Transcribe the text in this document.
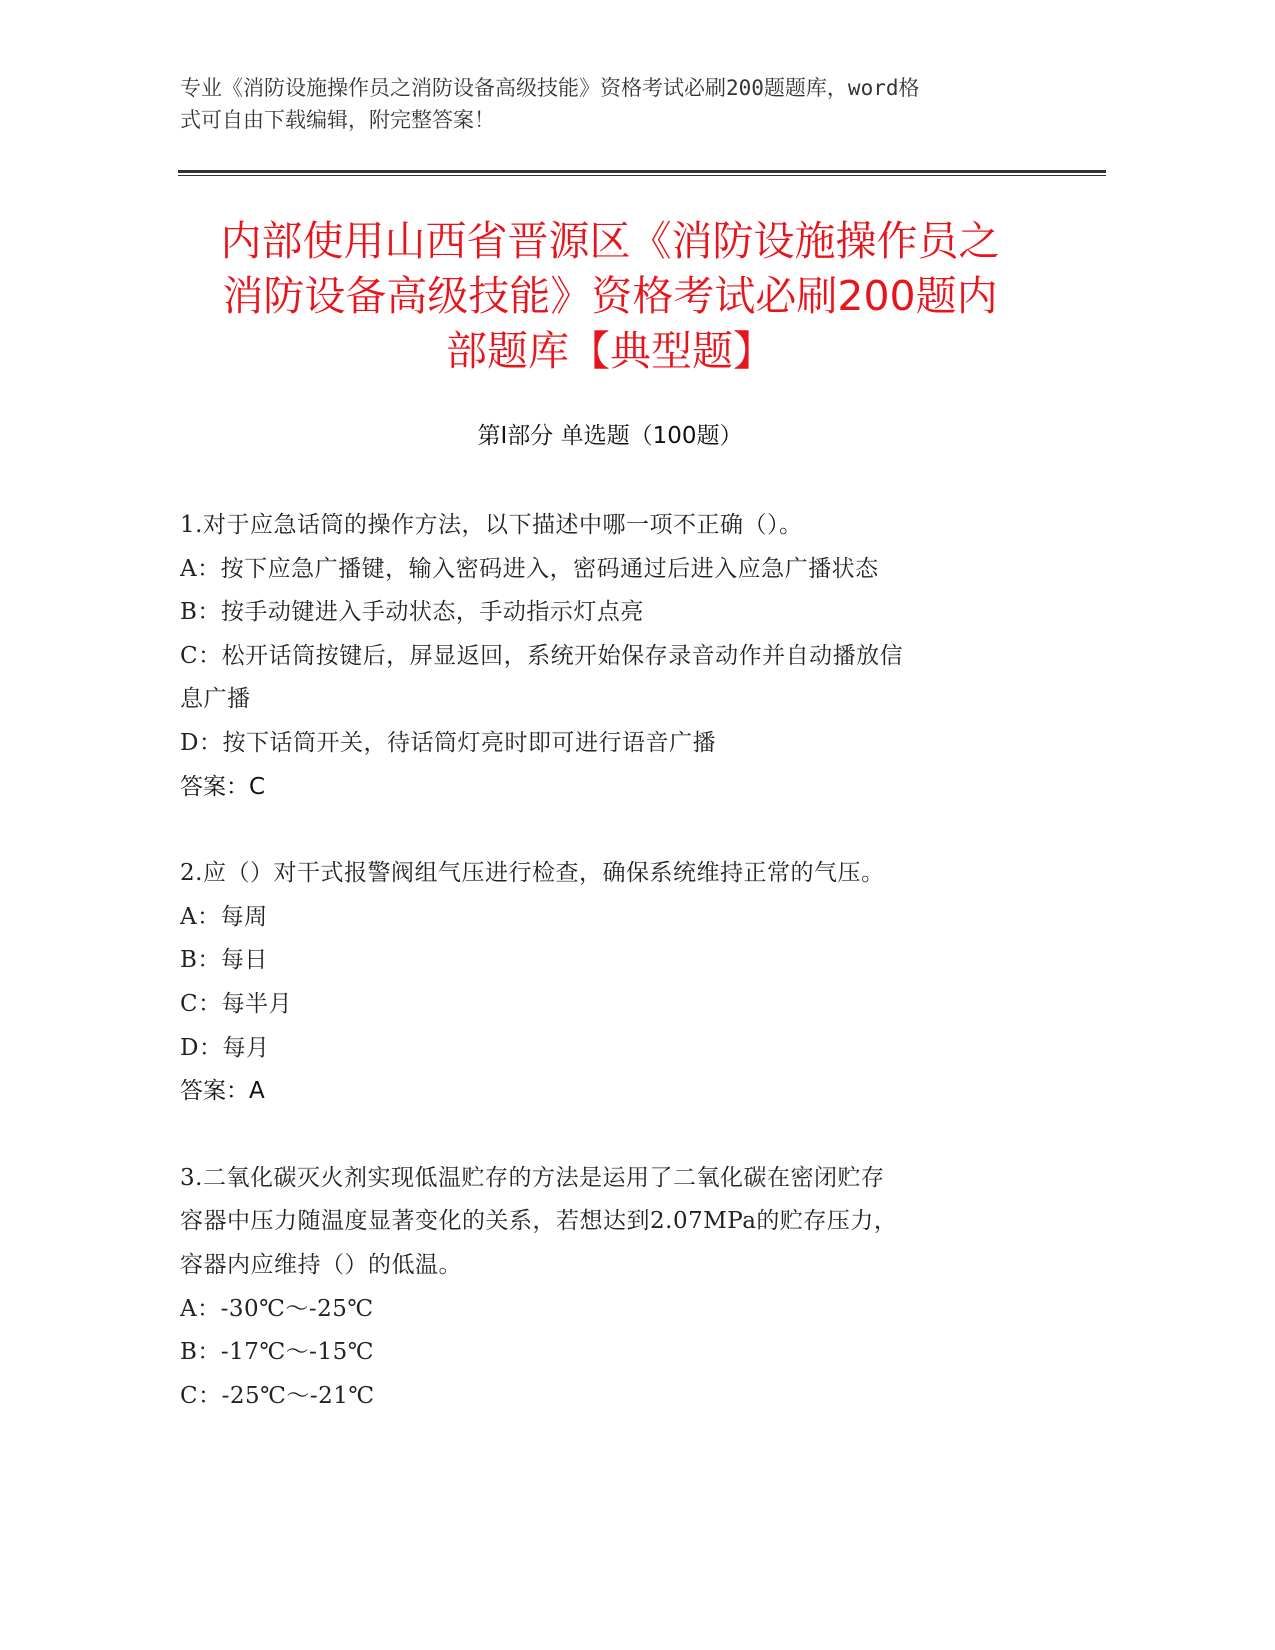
专业《消防设施操作员之消防设备高级技能》资格考试必刷200题题库，word格
式可自由下载编辑，附完整答案！
内部使用山西省晋源区《消防设施操作员之
消防设备高级技能》资格考试必刷200题内
部题库【典型题】
第Ⅰ部分 单选题（100题）
1.对于应急话筒的操作方法，以下描述中哪一项不正确（）。
A：按下应急广播键，输入密码进入，密码通过后进入应急广播状态
B：按手动键进入手动状态，手动指示灯点亮
C：松开话筒按键后，屏显返回，系统开始保存录音动作并自动播放信
息广播
D：按下话筒开关，待话筒灯亮时即可进行语音广播
答案：C
2.应（）对干式报警阀组气压进行检查，确保系统维持正常的气压。
A：每周
B：每日
C：每半月
D：每月
答案：A
3.二氧化碳灭火剂实现低温贮存的方法是运用了二氧化碳在密闭贮存
容器中压力随温度显著变化的关系，若想达到2.07MPa的贮存压力，
容器内应维持（）的低温。
A：-30℃～-25℃
B：-17℃～-15℃
C：-25℃～-21℃
